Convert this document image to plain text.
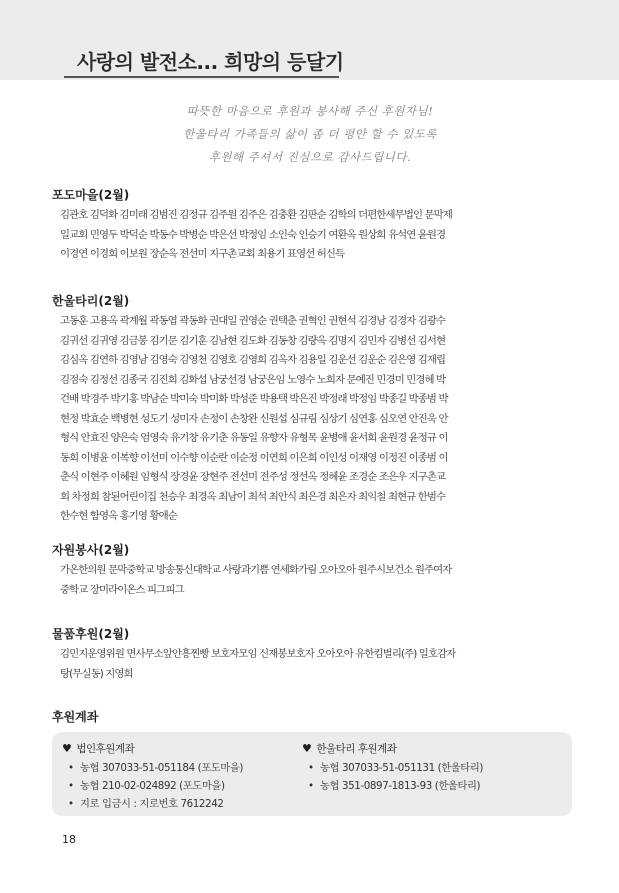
사랑의 발전소... 희망의 등달기
따뜻한 마음으로 후원과 봉사해 주신 후원자님!
한울타리 가족들의 삶이 좀 더 평안 할 수 있도록
후원해 주셔서 진심으로 감사드립니다.
포도마을(2월)
김관호 김덕화 김미래 김범진 김정규 김주원 김주은 김충환 김판순 김학의 더편한세무법인 문막제
일교회 민영두 박덕순 박동수 박병순 박은선 박정임 소인숙 인승기 여환옥 원상희 유석연 윤원경
이경연 이경희 이보원 장순옥 전선미 지구촌교회 최용기 표영선 허신득
한울타리(2월)
고동훈 고용옥 곽계월 곽동엽 곽동화 권대일 권영순 권택춘 권혁인 권현석 김경남 김경자 김광수
김귀선 김귀영 김금봉 김기문 김기훈 김남현 김도화 김동창 김량옥 김명지 김민자 김병선 김서현
김심옥 김연하 김영남 김영숙 김영천 김영호 김영희 김옥자 김용일 김운선 김운순 김은영 김재립
김점숙 김정선 김종국 김진희 김화섭 남궁선경 남궁은임 노영수 노희자 문예진 민경미 민경혜 박
건배 박경주 박기홍 박남순 박미숙 박미화 박성준 박용택 박은진 박정래 박정임 박종길 박종범 박
현정 박효순 백병현 성도기 성미자 손정이 손창완 신원섭 심규림 심상기 심연홍 심오연 안진욱 안
형식 안효진 양은숙 엄영숙 유기창 유기춘 유동일 유향자 유형목 윤병애 윤서희 윤원경 윤정규 이
동희 이병윤 이복향 이선미 이수향 이순란 이순정 이연희 이은희 이인성 이재영 이정진 이종범 이
춘식 이현주 이혜원 임형식 장경윤 장현주 전선미 전주성 정선옥 정혜윤 조경순 조은우 지구촌교
회 차정희 참된어린이집 천승우 최경옥 최남이 최석 최안식 최은경 최은자 최익철 최현규 한범수
한수현 함영옥 홍기영 황애순
자원봉사(2월)
가온한의원 문막중학교 방송통신대학교 사랑과기쁨 연세화가림 오아오아 원주시보건소 원주여자
중학교 장미라이온스 피그피그
물품후원(2월)
김민지운영위원 면사무소앞안흥찐빵 보호자모임 신재봉보호자 오아오아 유한킴벌리(주) 일호감자
탕(무실동) 지영희
후원계좌
♥ 법인후원계좌
• 농협 307033-51-051184 (포도마을)
• 농협 210-02-024892 (포도마을)
• 지로 입금시 : 지로번호 7612242
♥ 한울타리 후원계좌
• 농협 307033-51-051131 (한울타리)
• 농협 351-0897-1813-93 (한울타리)
18
